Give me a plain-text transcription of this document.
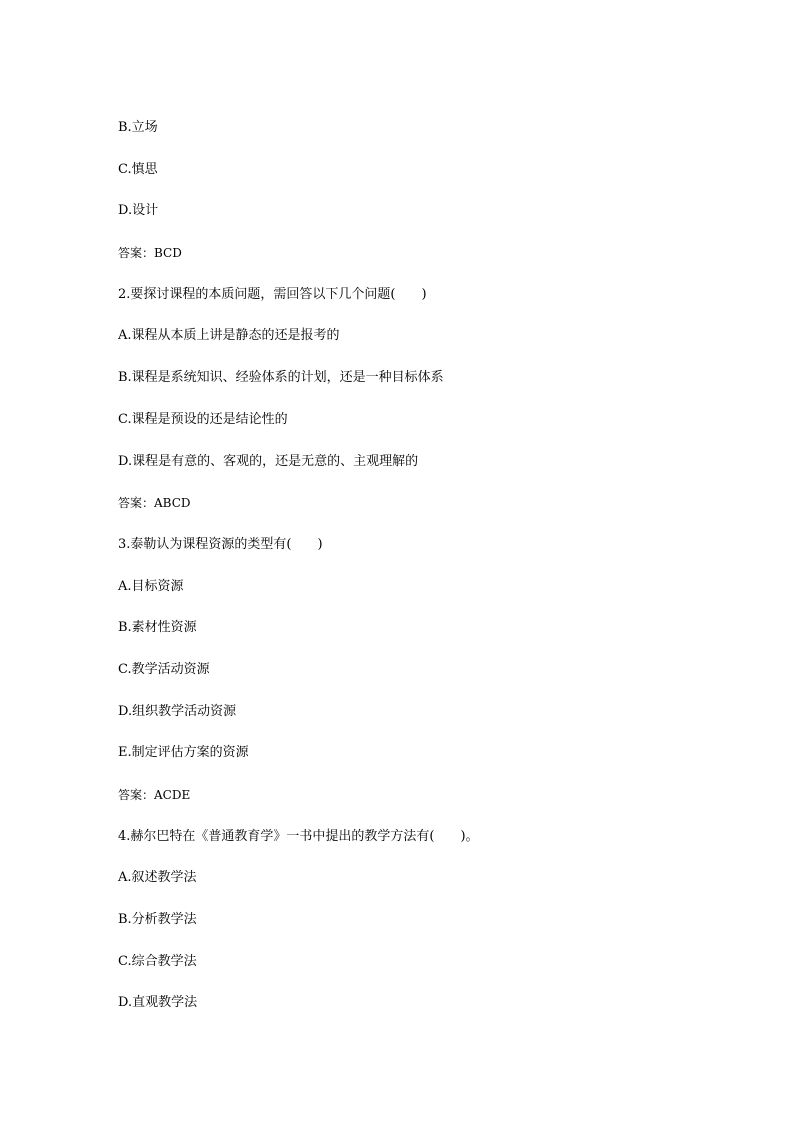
B.立场
C.慎思
D.设计
答案：BCD
2.要探讨课程的本质问题，需回答以下几个问题(　　)
A.课程从本质上讲是静态的还是报考的
B.课程是系统知识、经验体系的计划，还是一种目标体系
C.课程是预设的还是结论性的
D.课程是有意的、客观的，还是无意的、主观理解的
答案：ABCD
3.泰勒认为课程资源的类型有(　　)
A.目标资源
B.素材性资源
C.教学活动资源
D.组织教学活动资源
E.制定评估方案的资源
答案：ACDE
4.赫尔巴特在《普通教育学》一书中提出的教学方法有(　　)。
A.叙述教学法
B.分析教学法
C.综合教学法
D.直观教学法
